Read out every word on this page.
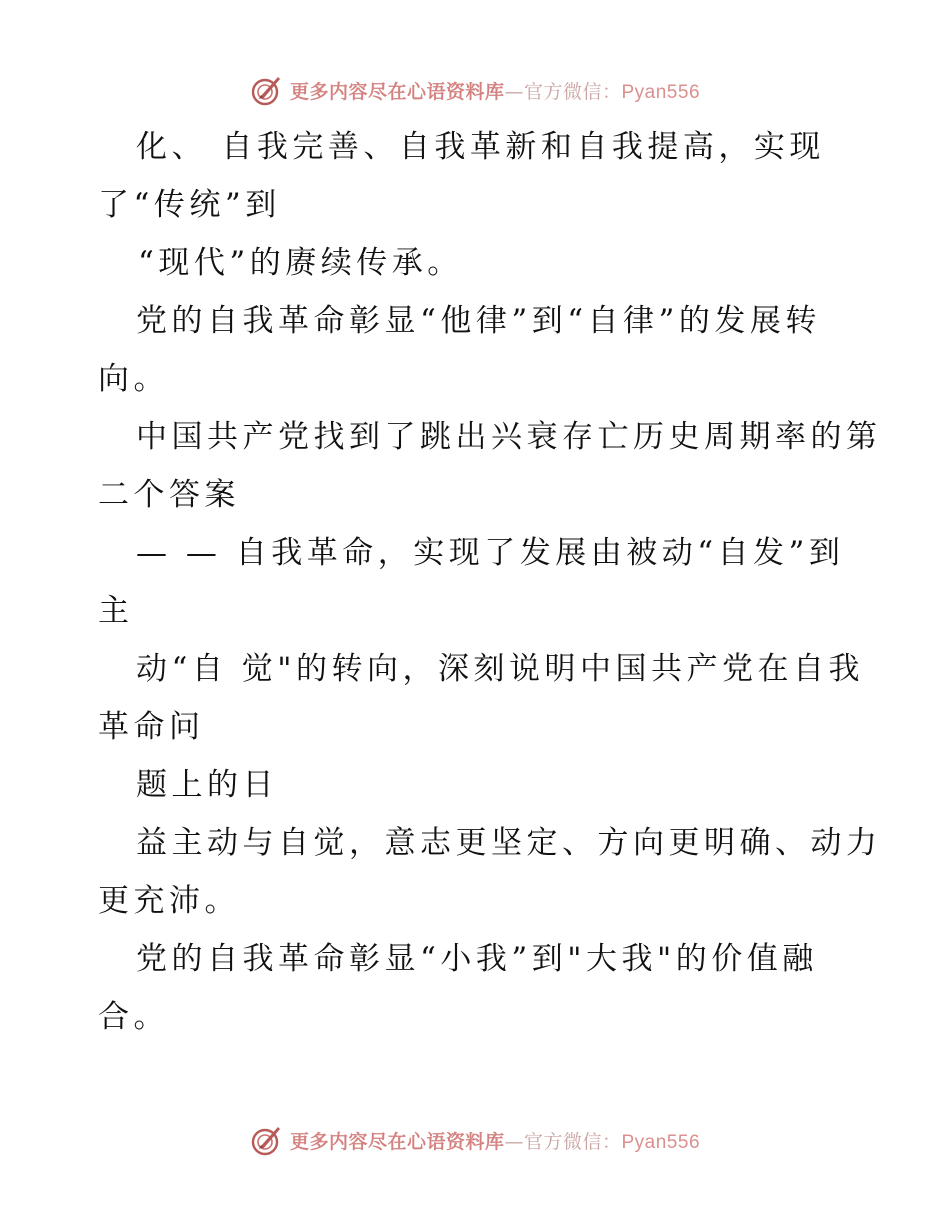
更多内容尽在心语资料库—官方微信：Pyan556
化、 自我完善、自我革新和自我提高，实现
了“传统”到
“现代”的赓续传承。
党的自我革命彰显“他律”到“自律”的发展转
向。
中国共产党找到了跳出兴衰存亡历史周期率的第
二个答案
— — 自我革命，实现了发展由被动“自发”到
主
动“自 觉"的转向，深刻说明中国共产党在自我
革命问
题上的日
益主动与自觉，意志更坚定、方向更明确、动力
更充沛。
党的自我革命彰显“小我”到"大我"的价值融
合。
更多内容尽在心语资料库—官方微信：Pyan556
